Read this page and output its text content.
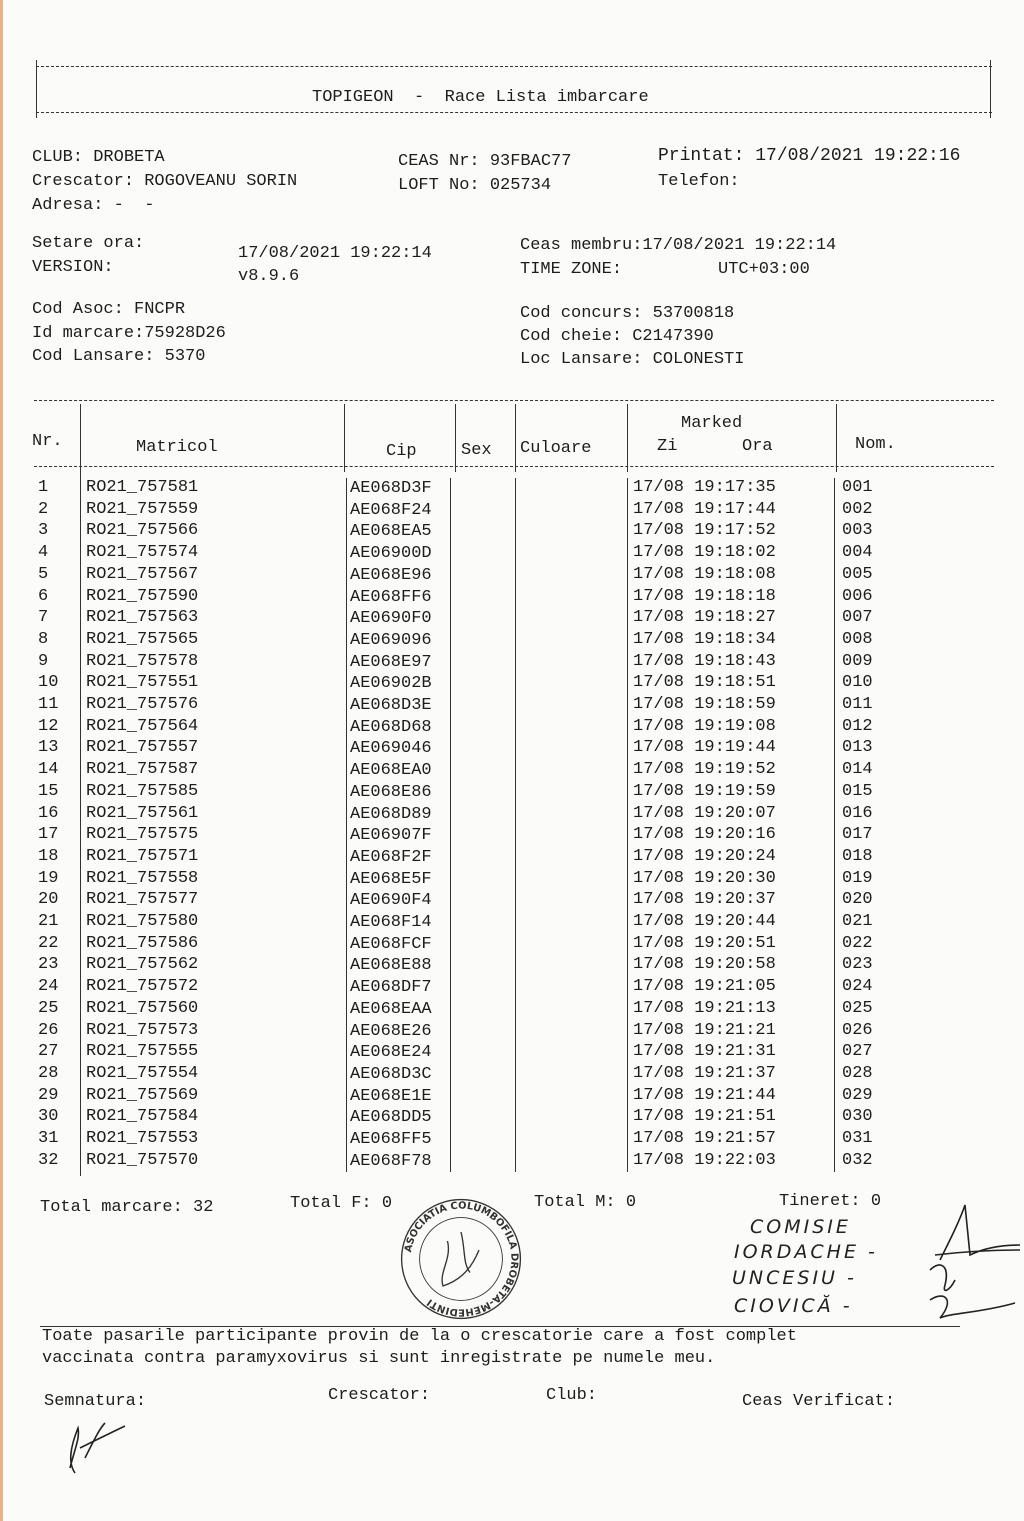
TOPIGEON  -  Race Lista imbarcare
CLUB: DROBETA
Crescator: ROGOVEANU SORIN
Adresa: -  -
CEAS Nr: 93FBAC77
LOFT No: 025734
Printat: 17/08/2021 19:22:16
Telefon:
Setare ora:
17/08/2021 19:22:14
VERSION:	v8.9.6
Ceas membru:17/08/2021 19:22:14
TIME ZONE:	UTC+03:00
Cod Asoc: FNCPR
Id marcare:75928D26
Cod Lansare: 5370
Cod concurs: 53700818
Cod cheie: C2147390
Loc Lansare: COLONESTI
Nr.	Matricol	Cip	Sex Culoare
Marked
Zi	Ora	Nom.
1 RO21_757581	AE068D3F	17/08 19:17:35	001
2 RO21_757559	AE068F24	17/08 19:17:44	002
3 RO21_757566	AE068EA5	17/08 19:17:52	003
4 RO21_757574	AE06900D	17/08 19:18:02	004
5 RO21_757567	AE068E96	17/08 19:18:08	005
6 RO21_757590	AE068FF6	17/08 19:18:18	006
7 RO21_757563	AE0690F0	17/08 19:18:27	007
8 RO21_757565	AE069096	17/08 19:18:34	008
9 RO21_757578	AE068E97	17/08 19:18:43	009
10 RO21_757551	AE06902B	17/08 19:18:51	010
11 RO21_757576	AE068D3E	17/08 19:18:59	011
12 RO21_757564	AE068D68	17/08 19:19:08	012
13 RO21_757557	AE069046	17/08 19:19:44	013
14 RO21_757587	AE068EA0	17/08 19:19:52	014
15 RO21_757585	AE068E86	17/08 19:19:59	015
16 RO21_757561	AE068D89	17/08 19:20:07	016
17 RO21_757575	AE06907F	17/08 19:20:16	017
18 RO21_757571	AE068F2F	17/08 19:20:24	018
19 RO21_757558	AE068E5F	17/08 19:20:30	019
20 RO21_757577	AE0690F4	17/08 19:20:37	020
21 RO21_757580	AE068F14	17/08 19:20:44	021
22 RO21_757586	AE068FCF	17/08 19:20:51	022
23 RO21_757562	AE068E88	17/08 19:20:58	023
24 RO21_757572	AE068DF7	17/08 19:21:05	024
25 RO21_757560	AE068EAA	17/08 19:21:13	025
26 RO21_757573	AE068E26	17/08 19:21:21	026
27 RO21_757555	AE068E24	17/08 19:21:31	027
28 RO21_757554	AE068D3C	17/08 19:21:37	028
29 RO21_757569	AE068E1E	17/08 19:21:44	029
30 RO21_757584	AE068DD5	17/08 19:21:51	030
31 RO21_757553	AE068FF5	17/08 19:21:57	031
32 RO21_757570	AE068F78	17/08 19:22:03	032
Total marcare: 32	Total F: 0	Total M: 0	Tineret: 0
COMISIE
IORDACHE -
UNCESIU -
CIOVICĂ -
ASOCIATIA COLUMBOFILA DROBETA-MEHEDINTI
Toate pasarile participante provin de la o crescatorie care a fost complet
vaccinata contra paramyxovirus si sunt inregistrate pe numele meu.
Semnatura:	Crescator:	Club:	Ceas Verificat:
